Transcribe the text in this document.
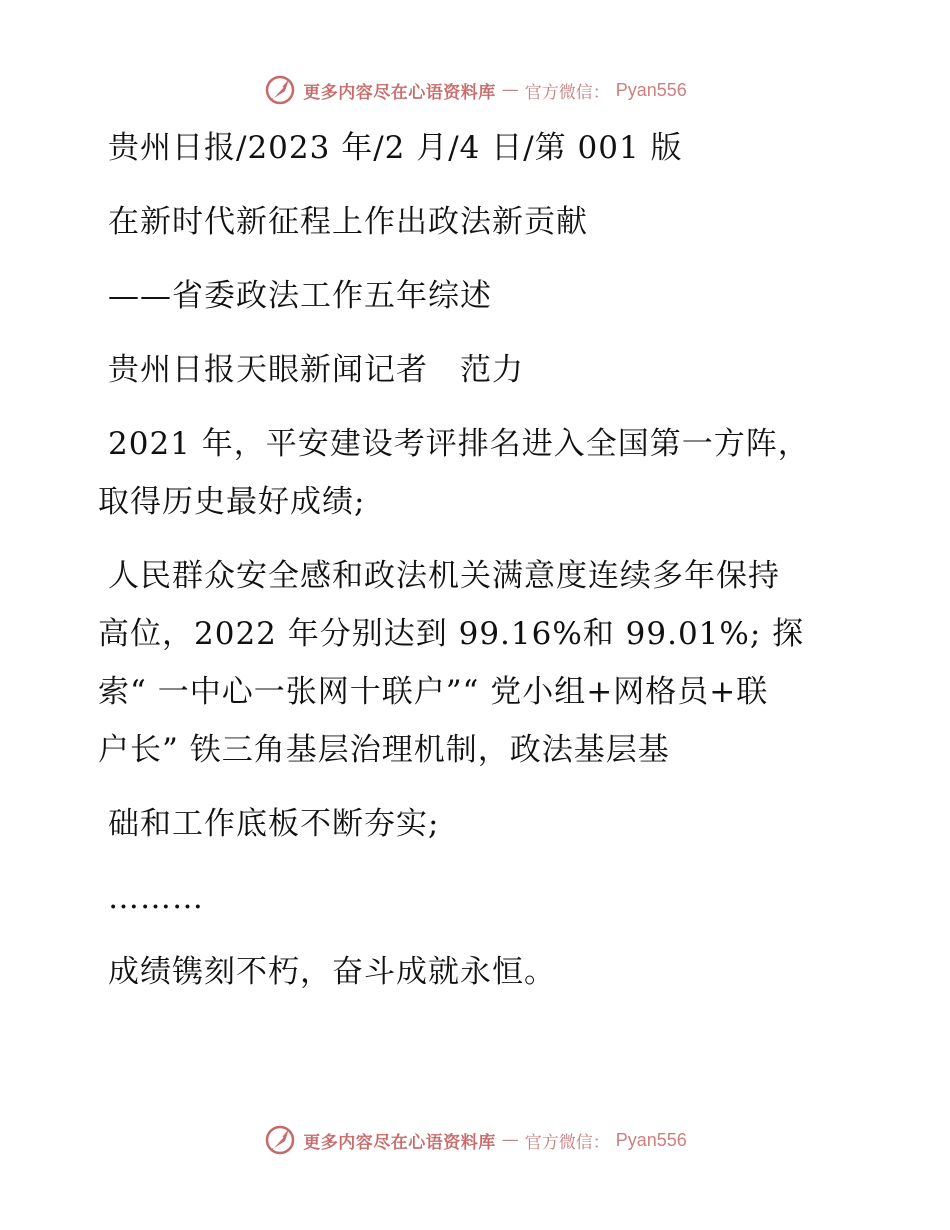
更多内容尽在心语资料库 — 官方微信： Pyan556
贵州日报/2023 年/2 月/4 日/第 001 版
在新时代新征程上作出政法新贡献
——省委政法工作五年综述
贵州日报天眼新闻记者　范力
2021 年，平安建设考评排名进入全国第一方阵，
取得历史最好成绩;
人民群众安全感和政法机关满意度连续多年保持
高位，2022 年分别达到 99.16%和 99.01%; 探
索“ 一中心一张网十联户”“ 党小组+网格员+联
户长” 铁三角基层治理机制，政法基层基
础和工作底板不断夯实;
………
成绩镌刻不朽，奋斗成就永恒。
更多内容尽在心语资料库 — 官方微信： Pyan556
